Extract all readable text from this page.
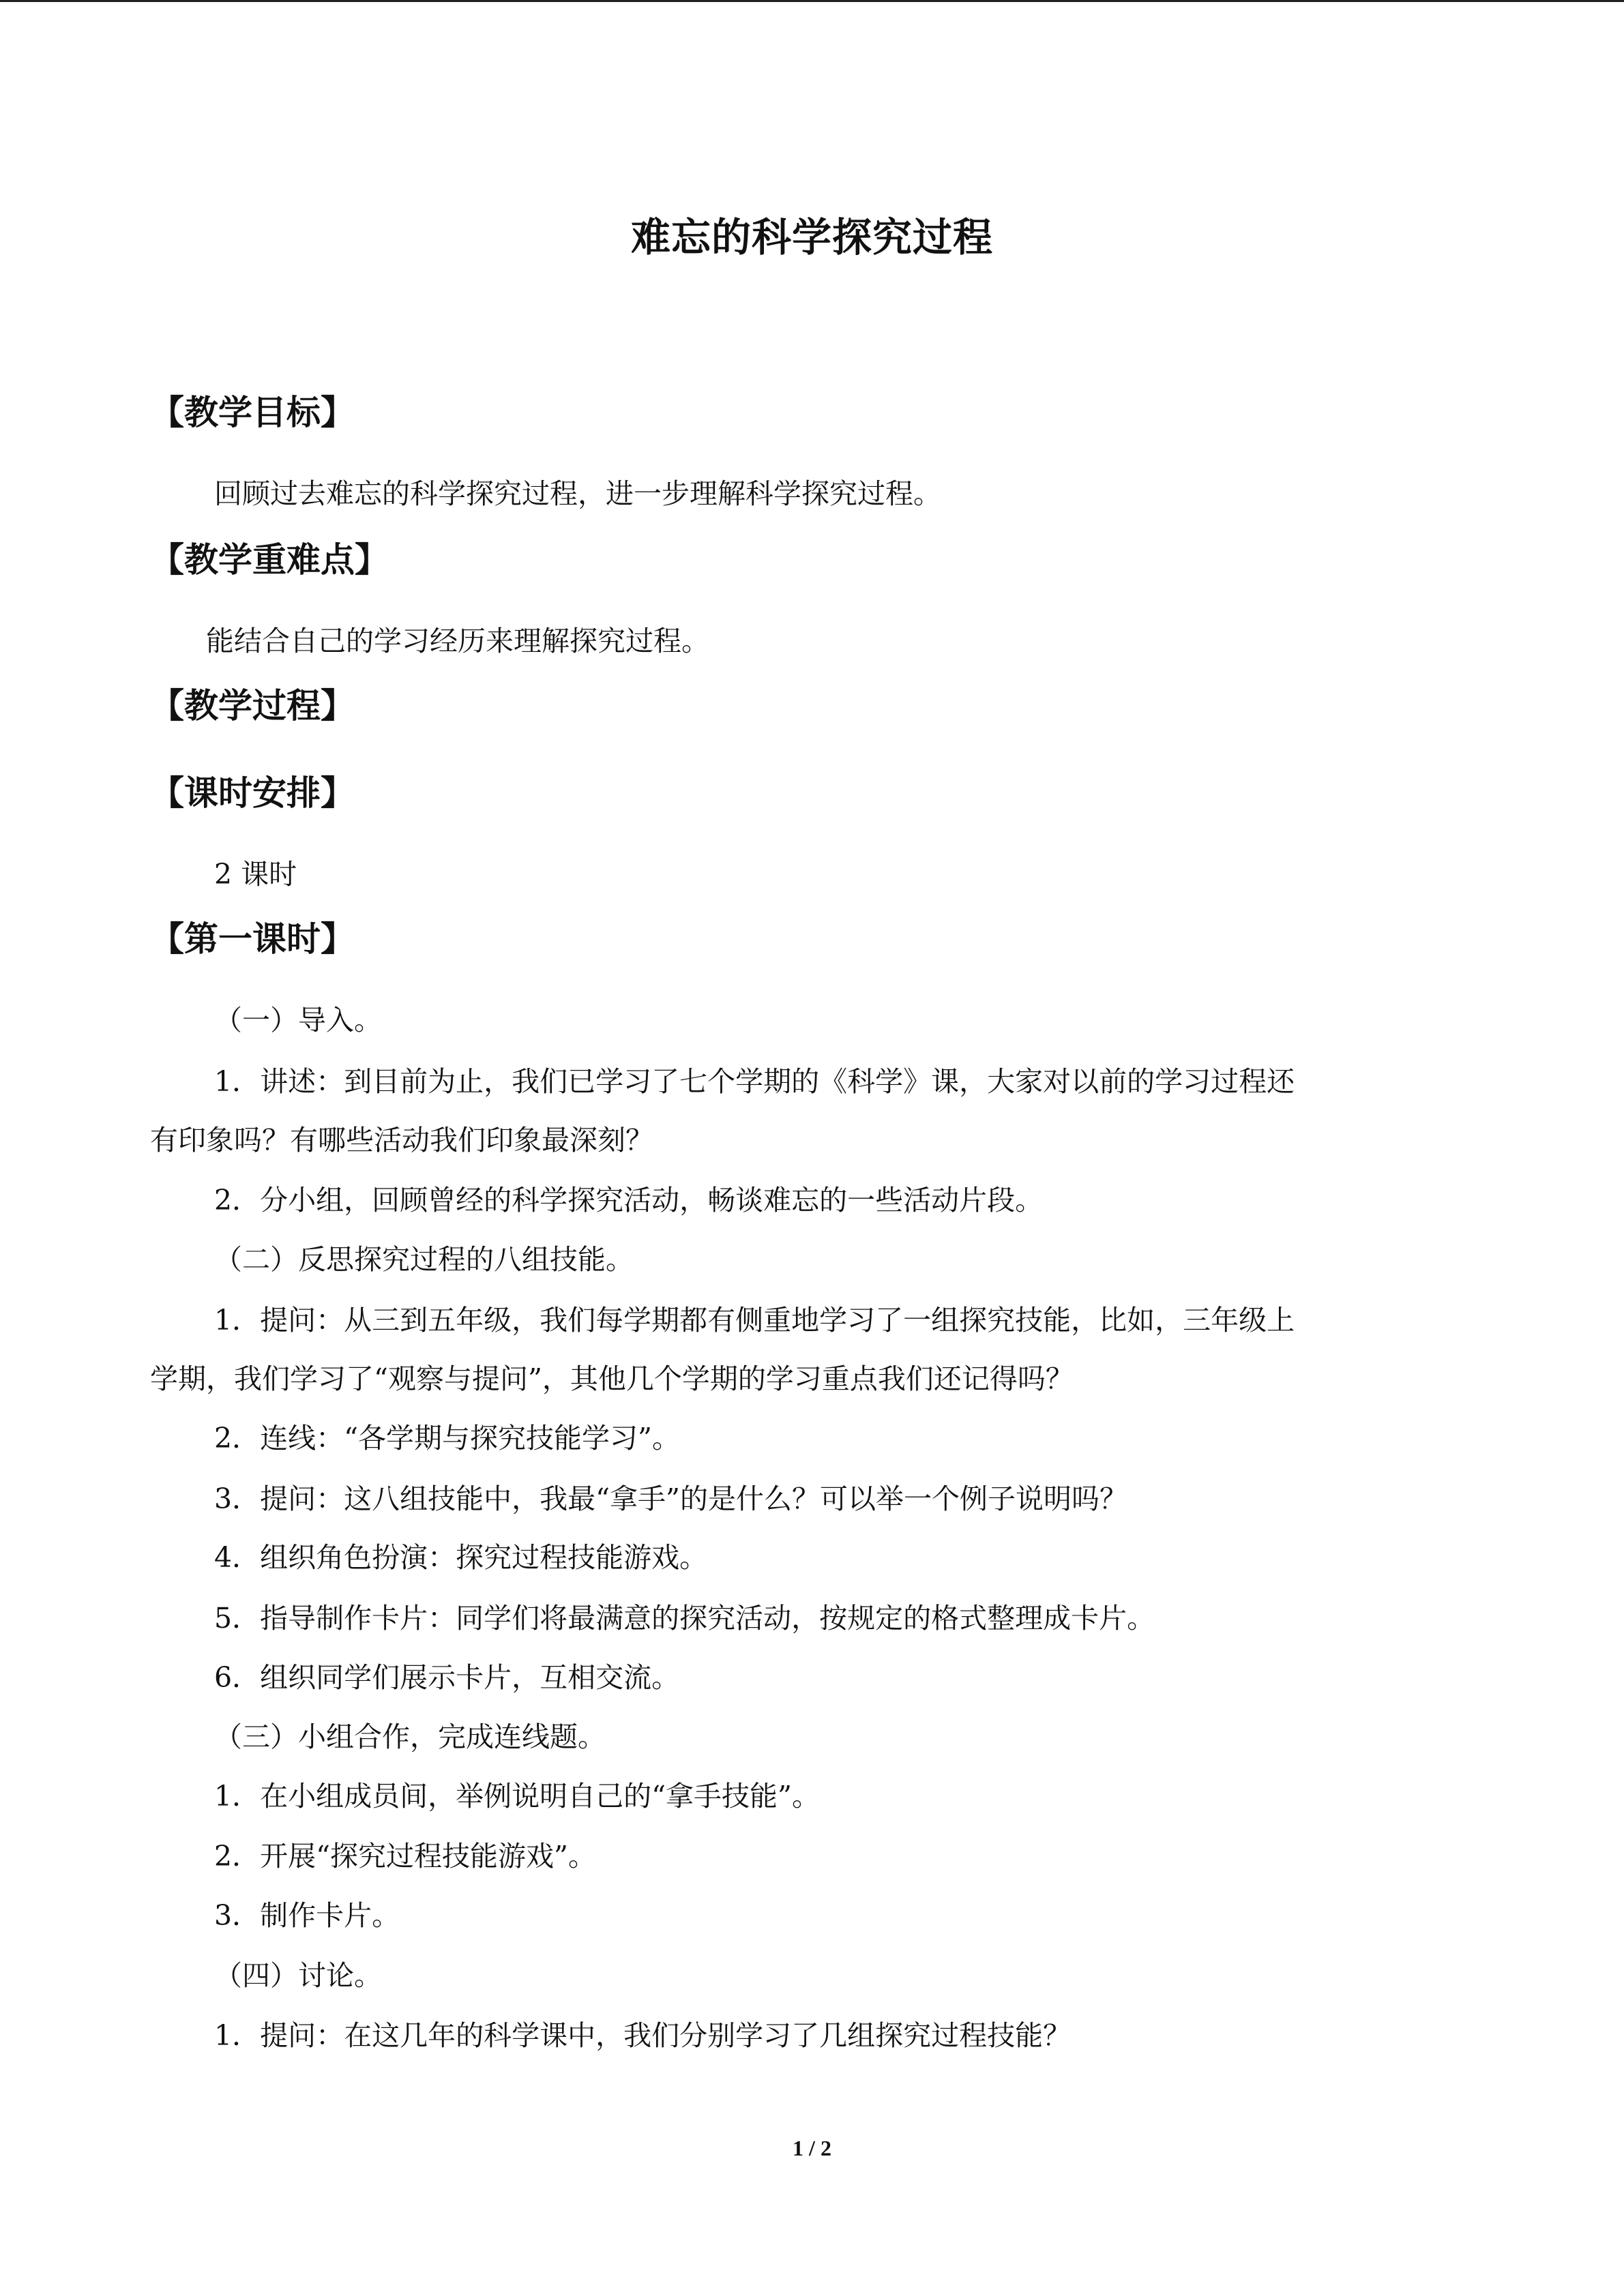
难忘的科学探究过程
【教学目标】
回顾过去难忘的科学探究过程，进一步理解科学探究过程。
【教学重难点】
能结合自己的学习经历来理解探究过程。
【教学过程】
【课时安排】
2 课时
【第一课时】
（一）导入。
1．讲述：到目前为止，我们已学习了七个学期的《科学》课，大家对以前的学习过程还
有印象吗？有哪些活动我们印象最深刻？
2．分小组，回顾曾经的科学探究活动，畅谈难忘的一些活动片段。
（二）反思探究过程的八组技能。
1．提问：从三到五年级，我们每学期都有侧重地学习了一组探究技能，比如，三年级上
学期，我们学习了“观察与提问”，其他几个学期的学习重点我们还记得吗？
2．连线：“各学期与探究技能学习”。
3．提问：这八组技能中，我最“拿手”的是什么？可以举一个例子说明吗？
4．组织角色扮演：探究过程技能游戏。
5．指导制作卡片：同学们将最满意的探究活动，按规定的格式整理成卡片。
6．组织同学们展示卡片，互相交流。
（三）小组合作，完成连线题。
1．在小组成员间，举例说明自己的“拿手技能”。
2．开展“探究过程技能游戏”。
3．制作卡片。
（四）讨论。
1．提问：在这几年的科学课中，我们分别学习了几组探究过程技能？
1 / 2
